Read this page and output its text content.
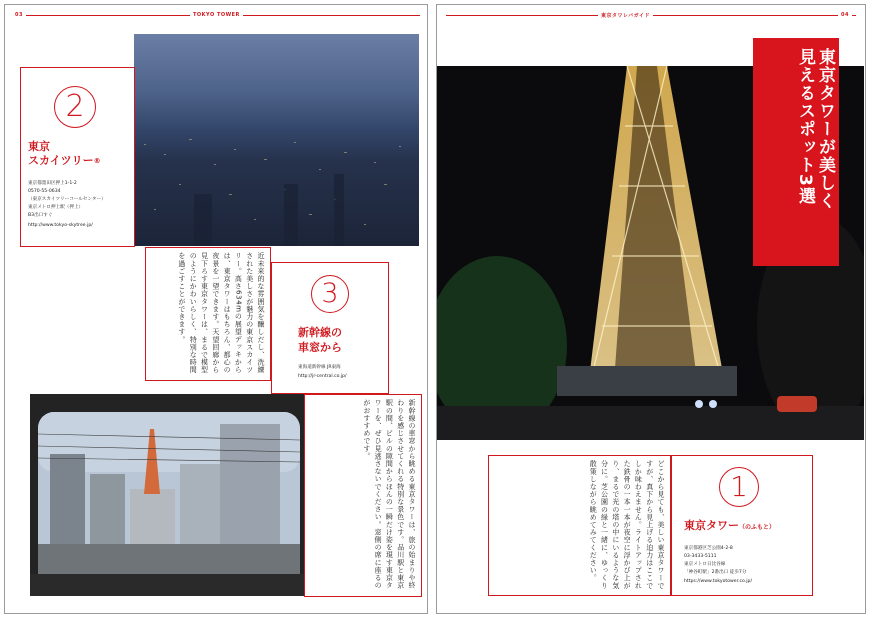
03	TOKYO TOWER
2
東京
スカイツリー®
東京都墨田区押上1-1-2
0570-55-0634
（東京スカイツリーコールセンター）
東京メトロ押上駅（押上）
B3出口すぐ
http://www.tokyo-skytree.jp/
近未来的な雰囲気を醸しだし、洗練された美しさが魅力の東京スカイツリー。高さ634mの展望デッキからは、東京タワーはもちろん、都心の夜景を一望できます。天望回廊から見下ろす東京タワーは、まるで模型のようにかわいらしく、特別な時間を過ごすことができます。	3
新幹線の
車窓から
東海道新幹線 JR東海
http://jr-central.co.jp/
新幹線の車窓から眺める東京タワーは、旅の始まりや終わりを感じさせてくれる特別な景色です。品川駅と東京駅の間、ビルの隙間からほんの一瞬だけ姿を現す東京タワーを、ぜひ見逃さないでください。窓側の席に座るのがおすすめです。
東京タワレバガイド	04
東京タワーが美しく
見えるスポット3選
どこから見ても、美しい東京タワーですが、真下から見上げる迫力はここでしか味わえません。ライトアップされた鉄骨の一本一本が夜空に浮かび上がり、まるで光の塔の中にいるような気分に。芝公園の緑と一緒に、ゆっくり散策しながら眺めてみてください。	1
東京タワー（のふもと）
東京都港区芝公園4-2-8
03-3433-5111
東京メトロ日比谷線
「神谷町駅」2番出口 徒歩7分
https://www.tokyotower.co.jp/
